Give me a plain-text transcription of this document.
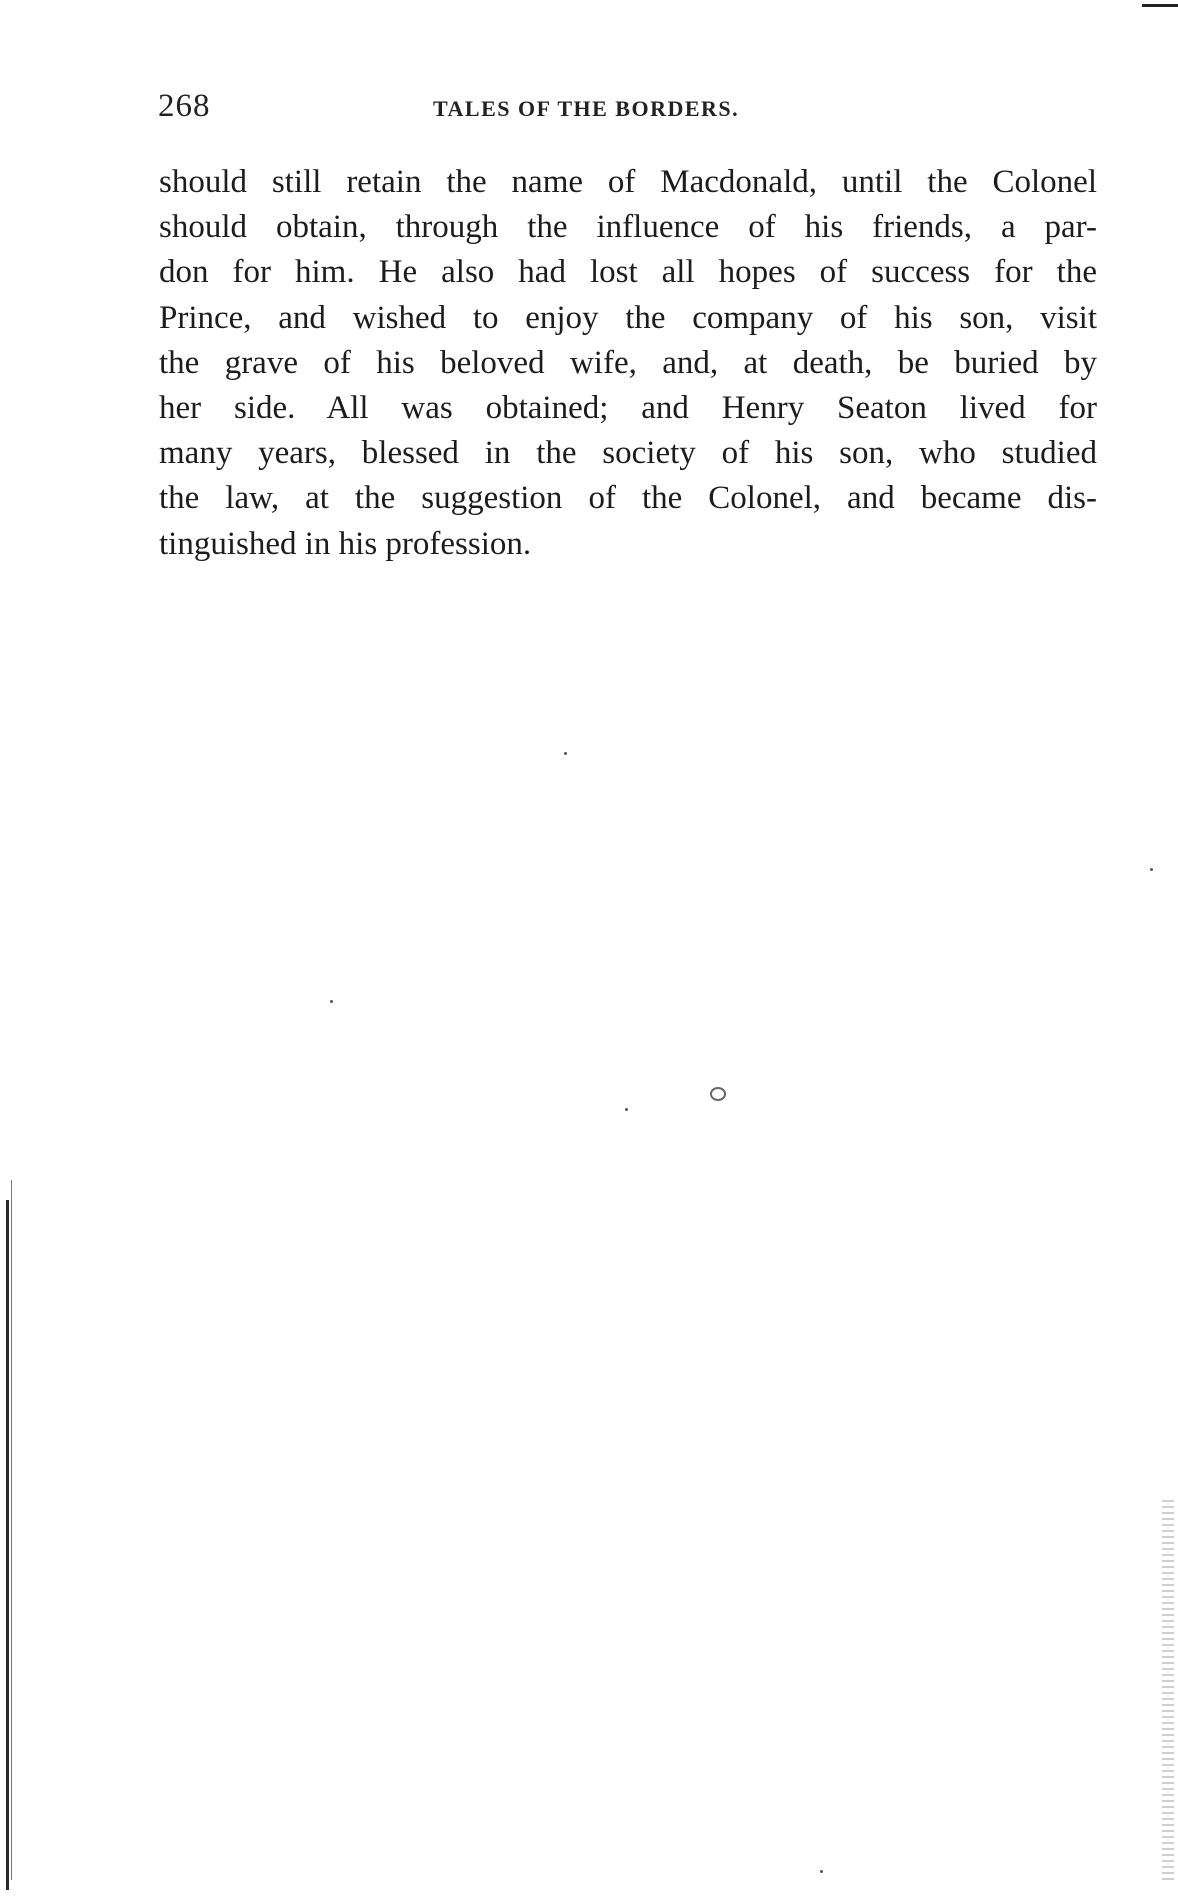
268	TALES OF THE BORDERS.
should still retain the name of Macdonald, until the Colonel
should obtain, through the influence of his friends, a par-
don for him. He also had lost all hopes of success for the
Prince, and wished to enjoy the company of his son, visit
the grave of his beloved wife, and, at death, be buried by
her side. All was obtained; and Henry Seaton lived for
many years, blessed in the society of his son, who studied
the law, at the suggestion of the Colonel, and became dis-
tinguished in his profession.
